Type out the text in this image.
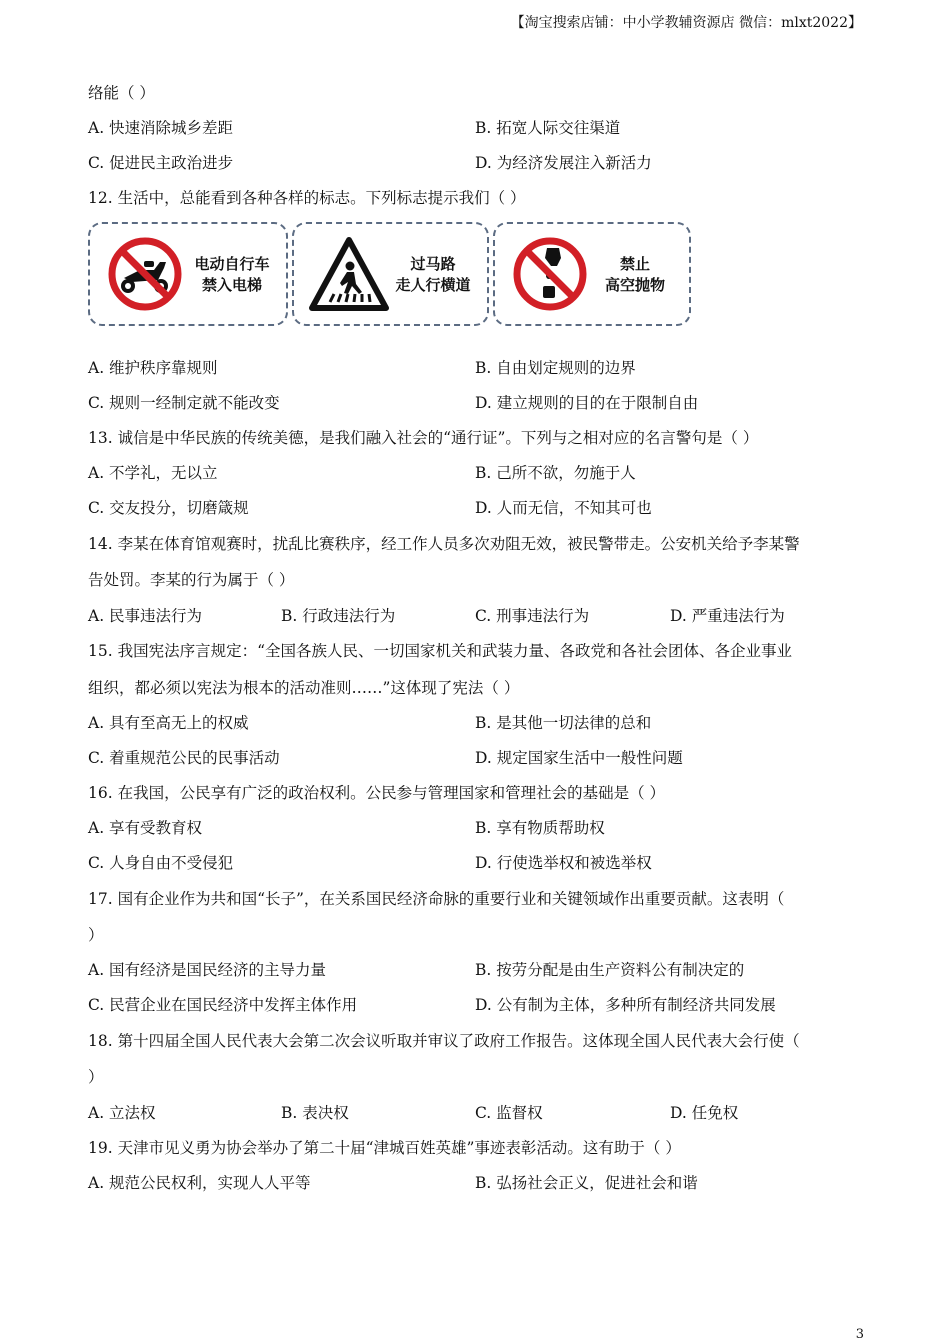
【淘宝搜索店铺：中小学教辅资源店 微信：mlxt2022】
络能（ ）
A. 快速消除城乡差距	B. 拓宽人际交往渠道
C. 促进民主政治进步	D. 为经济发展注入新活力
12. 生活中，总能看到各种各样的标志。下列标志提示我们（ ）
电动自行车
禁入电梯
过马路
走人行横道
禁止
高空抛物
A. 维护秩序靠规则	B. 自由划定规则的边界
C. 规则一经制定就不能改变	D. 建立规则的目的在于限制自由
13. 诚信是中华民族的传统美德，是我们融入社会的“通行证”。下列与之相对应的名言警句是（ ）
A. 不学礼，无以立	B. 己所不欲，勿施于人
C. 交友投分，切磨箴规	D. 人而无信，不知其可也
14. 李某在体育馆观赛时，扰乱比赛秩序，经工作人员多次劝阻无效，被民警带走。公安机关给予李某警
告处罚。李某的行为属于（ ）
A. 民事违法行为	B. 行政违法行为	C. 刑事违法行为	D. 严重违法行为
15. 我国宪法序言规定：“全国各族人民、一切国家机关和武装力量、各政党和各社会团体、各企业事业
组织，都必须以宪法为根本的活动准则……”这体现了宪法（ ）
A. 具有至高无上的权威	B. 是其他一切法律的总和
C. 着重规范公民的民事活动	D. 规定国家生活中一般性问题
16. 在我国，公民享有广泛的政治权利。公民参与管理国家和管理社会的基础是（ ）
A. 享有受教育权	B. 享有物质帮助权
C. 人身自由不受侵犯	D. 行使选举权和被选举权
17. 国有企业作为共和国“长子”，在关系国民经济命脉的重要行业和关键领域作出重要贡献。这表明（
）
A. 国有经济是国民经济的主导力量	B. 按劳分配是由生产资料公有制决定的
C. 民营企业在国民经济中发挥主体作用	D. 公有制为主体，多种所有制经济共同发展
18. 第十四届全国人民代表大会第二次会议听取并审议了政府工作报告。这体现全国人民代表大会行使（
）
A. 立法权	B. 表决权	C. 监督权	D. 任免权
19. 天津市见义勇为协会举办了第二十届“津城百姓英雄”事迹表彰活动。这有助于（ ）
A. 规范公民权利，实现人人平等	B. 弘扬社会正义，促进社会和谐
3
